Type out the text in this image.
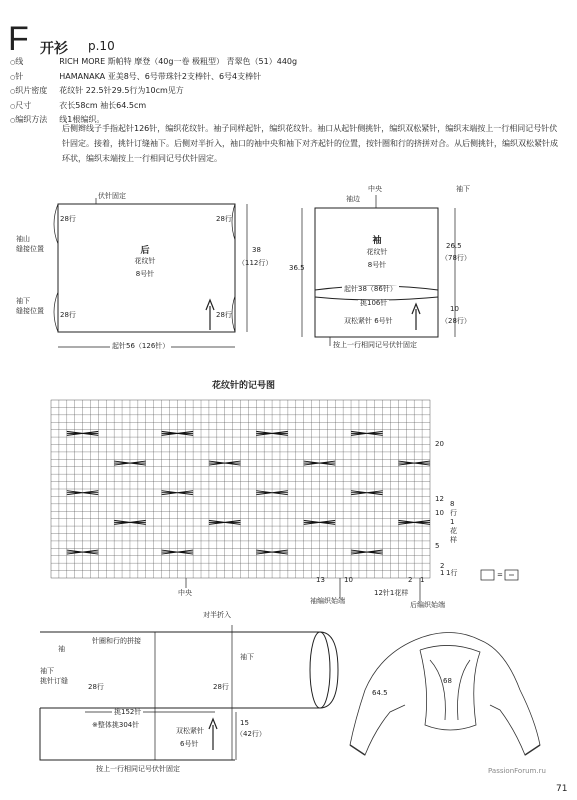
F 开衫 p.10
○线	RICH MORE 斯帕特 摩登（40g一卷 极粗型） 青翠色（51）440g
○针	HAMANAKA 亚美8号、6号带珠针2支棒针、6号4支棒针
○织片密度 花纹针 22.5针29.5行为10cm见方
○尺寸	衣长58cm 袖长64.5cm
○编织方法 线1根编织。
后侧辫线子手指起针126针，编织花纹针。袖子同样起针，编织花纹针。袖口从起针侧挑针，编织双松紧针，编织末端按上一行相同记号针伏针固定。接着，挑针订缝袖下。后侧对半折入，袖口的袖中央和袖下对齐起针的位置，按针圈和行的挤拼对合。从后侧挑针，编织双松紧针成环状，编织末端按上一行相同记号伏针固定。
伏针固定
袖山
缝接位置
袖下
缝接位置
28行	28行
28行	28行
后
花纹针
8号针
38
（112行）
起针56（126针）
中央
袖边
袖下
袖
花纹针
8号针
起针38（86针）
挑106针
双松紧针 6号针
36.5
26.5
（78行）
10
（28行）
按上一行相同记号伏针固定
花纹针的记号图
20
12
10
5
2
1
8
行
1
花
样
1行
13	10	2 1
中央
袖编织始端
12针1花样
后编织始端
=
对半折入
袖
针圈和行的拼接
袖下
挑针订缝
袖下
28行	28行
挑152针
※整体挑304针
双松紧针
6号针
15
（42行）
按上一行相同记号伏针固定
64.5
68
PassionForum.ru
71
